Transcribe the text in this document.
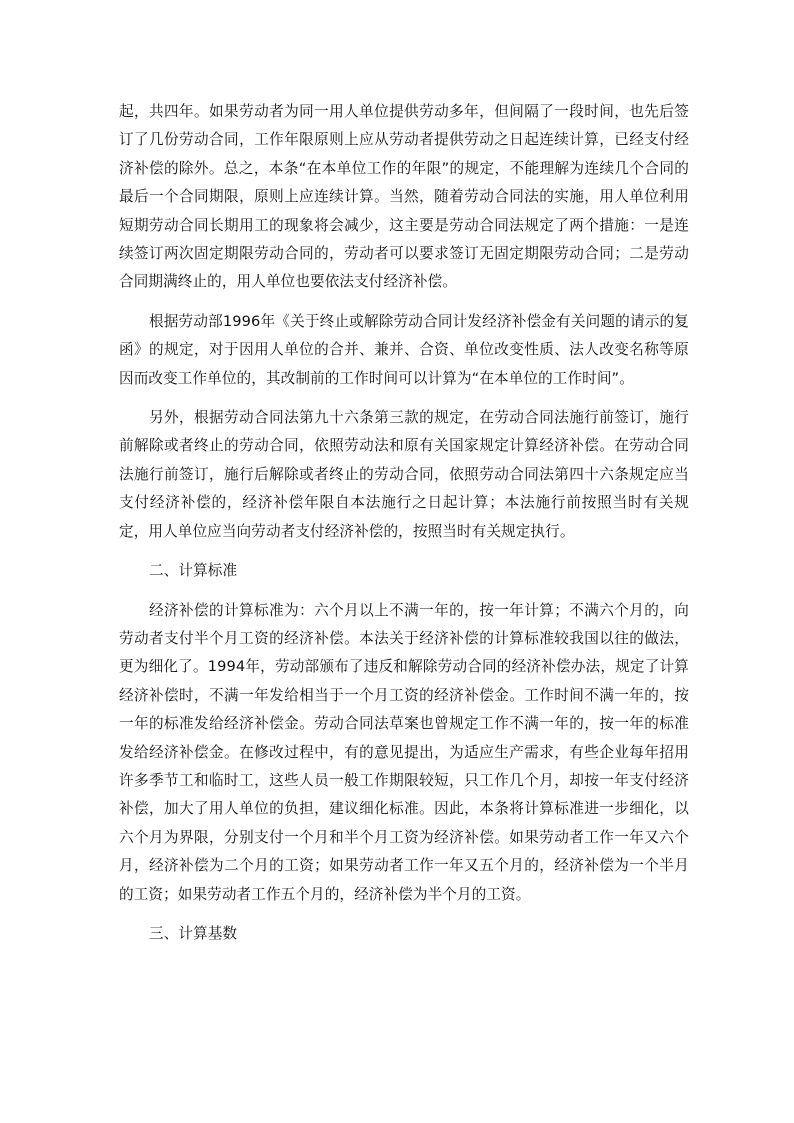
起，共四年。如果劳动者为同一用人单位提供劳动多年，但间隔了一段时间，也先后签订了几份劳动合同，工作年限原则上应从劳动者提供劳动之日起连续计算，已经支付经济补偿的除外。总之，本条“在本单位工作的年限”的规定，不能理解为连续几个合同的最后一个合同期限，原则上应连续计算。当然，随着劳动合同法的实施，用人单位利用短期劳动合同长期用工的现象将会减少，这主要是劳动合同法规定了两个措施：一是连续签订两次固定期限劳动合同的，劳动者可以要求签订无固定期限劳动合同；二是劳动合同期满终止的，用人单位也要依法支付经济补偿。

根据劳动部1996年《关于终止或解除劳动合同计发经济补偿金有关问题的请示的复函》的规定，对于因用人单位的合并、兼并、合资、单位改变性质、法人改变名称等原因而改变工作单位的，其改制前的工作时间可以计算为“在本单位的工作时间”。

另外，根据劳动合同法第九十六条第三款的规定，在劳动合同法施行前签订，施行前解除或者终止的劳动合同，依照劳动法和原有关国家规定计算经济补偿。在劳动合同法施行前签订，施行后解除或者终止的劳动合同，依照劳动合同法第四十六条规定应当支付经济补偿的，经济补偿年限自本法施行之日起计算；本法施行前按照当时有关规定，用人单位应当向劳动者支付经济补偿的，按照当时有关规定执行。

二、计算标准

经济补偿的计算标准为：六个月以上不满一年的，按一年计算；不满六个月的，向劳动者支付半个月工资的经济补偿。本法关于经济补偿的计算标准较我国以往的做法，更为细化了。1994年，劳动部颁布了违反和解除劳动合同的经济补偿办法，规定了计算经济补偿时，不满一年发给相当于一个月工资的经济补偿金。工作时间不满一年的，按一年的标准发给经济补偿金。劳动合同法草案也曾规定工作不满一年的，按一年的标准发给经济补偿金。在修改过程中，有的意见提出，为适应生产需求，有些企业每年招用许多季节工和临时工，这些人员一般工作期限较短，只工作几个月，却按一年支付经济补偿，加大了用人单位的负担，建议细化标准。因此，本条将计算标准进一步细化，以六个月为界限，分别支付一个月和半个月工资为经济补偿。如果劳动者工作一年又六个月，经济补偿为二个月的工资；如果劳动者工作一年又五个月的，经济补偿为一个半月的工资；如果劳动者工作五个月的，经济补偿为半个月的工资。

三、计算基数
